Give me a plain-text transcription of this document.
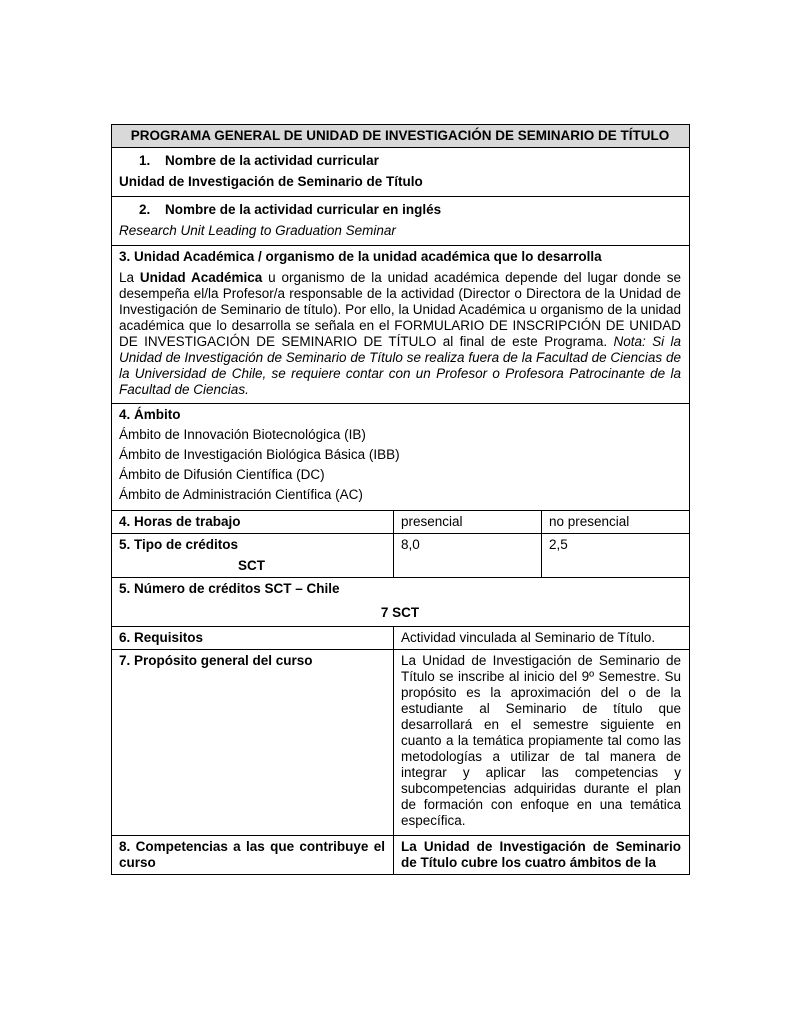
PROGRAMA GENERAL DE UNIDAD DE INVESTIGACIÓN DE SEMINARIO DE TÍTULO		

1. Nombre de la actividad curricular
Unidad de Investigación de Seminario de Título		

2. Nombre de la actividad curricular en inglés
Research Unit Leading to Graduation Seminar		

3. Unidad Académica / organismo de la unidad académica que lo desarrolla
La Unidad Académica u organismo de la unidad académica depende del lugar donde se desempeña el/la Profesor/a responsable de la actividad (Director o Directora de la Unidad de Investigación de Seminario de título). Por ello, la Unidad Académica u organismo de la unidad académica que lo desarrolla se señala en el FORMULARIO DE INSCRIPCIÓN DE UNIDAD DE INVESTIGACIÓN DE SEMINARIO DE TÍTULO al final de este Programa. Nota: Si la Unidad de Investigación de Seminario de Título se realiza fuera de la Facultad de Ciencias de la Universidad de Chile, se requiere contar con un Profesor o Profesora Patrocinante de la Facultad de Ciencias.		

4. Ámbito
Ámbito de Innovación Biotecnológica (IB)
Ámbito de Investigación Biológica Básica (IBB)
Ámbito de Difusión Científica (DC)
Ámbito de Administración Científica (AC)		

4. Horas de trabajo	presencial	no presencial

5. Tipo de créditos
SCT	8,0	2,5

5. Número de créditos SCT – Chile
7 SCT		

6. Requisitos	Actividad vinculada al Seminario de Título.	
7. Propósito general del curso	La Unidad de Investigación de Seminario de Título se inscribe al inicio del 9º Semestre. Su propósito es la aproximación del o de la estudiante al Seminario de título que desarrollará en el semestre siguiente en cuanto a la temática propiamente tal como las metodologías a utilizar de tal manera de integrar y aplicar las competencias y subcompetencias adquiridas durante el plan de formación con enfoque en una temática específica.	
8. Competencias a las que contribuye el curso	La Unidad de Investigación de Seminario de Título cubre los cuatro ámbitos de la	
